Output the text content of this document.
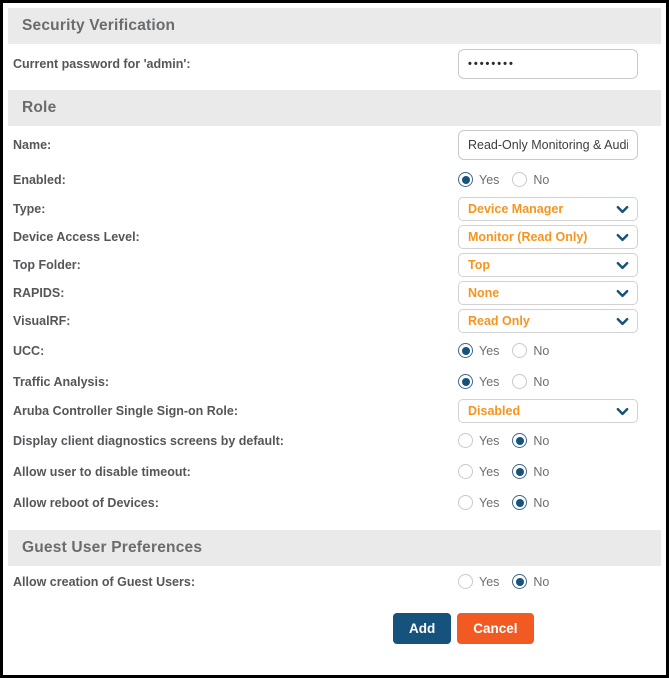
Security Verification
Current password for 'admin':
••••••••
Role
Name:
Read-Only Monitoring & Auditing
Enabled:	Yes	No
Type:	Device Manager
Device Access Level:	Monitor (Read Only)
Top Folder:	Top
RAPIDS:	None
VisualRF:	Read Only
UCC:	Yes	No
Traffic Analysis:	Yes	No
Aruba Controller Single Sign-on Role:	Disabled
Display client diagnostics screens by default:	Yes	No
Allow user to disable timeout:	Yes	No
Allow reboot of Devices:	Yes	No
Guest User Preferences
Allow creation of Guest Users:	Yes	No
Add	Cancel
